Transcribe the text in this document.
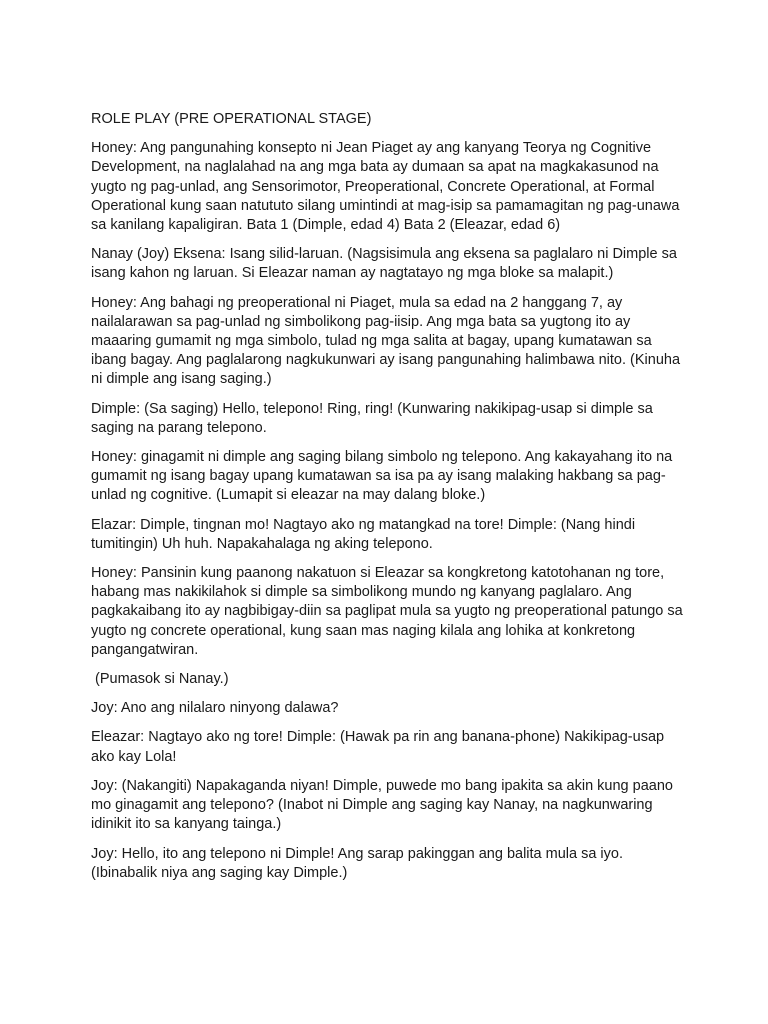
ROLE PLAY (PRE OPERATIONAL STAGE)

Honey: Ang pangunahing konsepto ni Jean Piaget ay ang kanyang Teorya ng Cognitive Development, na naglalahad na ang mga bata ay dumaan sa apat na magkakasunod na yugto ng pag-unlad, ang Sensorimotor, Preoperational, Concrete Operational, at Formal Operational kung saan natututo silang umintindi at mag-isip sa pamamagitan ng pag-unawa sa kanilang kapaligiran. Bata 1 (Dimple, edad 4) Bata 2 (Eleazar, edad 6)

Nanay (Joy) Eksena: Isang silid-laruan. (Nagsisimula ang eksena sa paglalaro ni Dimple sa isang kahon ng laruan. Si Eleazar naman ay nagtatayo ng mga bloke sa malapit.)

Honey: Ang bahagi ng preoperational ni Piaget, mula sa edad na 2 hanggang 7, ay nailalarawan sa pag-unlad ng simbolikong pag-iisip. Ang mga bata sa yugtong ito ay maaaring gumamit ng mga simbolo, tulad ng mga salita at bagay, upang kumatawan sa ibang bagay. Ang paglalarong nagkukunwari ay isang pangunahing halimbawa nito. (Kinuha ni dimple ang isang saging.)

Dimple: (Sa saging) Hello, telepono! Ring, ring! (Kunwaring nakikipag-usap si dimple sa saging na parang telepono.

Honey: ginagamit ni dimple ang saging bilang simbolo ng telepono. Ang kakayahang ito na gumamit ng isang bagay upang kumatawan sa isa pa ay isang malaking hakbang sa pag-unlad ng cognitive. (Lumapit si eleazar na may dalang bloke.)

Elazar: Dimple, tingnan mo! Nagtayo ako ng matangkad na tore! Dimple: (Nang hindi tumitingin) Uh huh. Napakahalaga ng aking telepono.

Honey: Pansinin kung paanong nakatuon si Eleazar sa kongkretong katotohanan ng tore, habang mas nakikilahok si dimple sa simbolikong mundo ng kanyang paglalaro. Ang pagkakaibang ito ay nagbibigay-diin sa paglipat mula sa yugto ng preoperational patungo sa yugto ng concrete operational, kung saan mas naging kilala ang lohika at konkretong pangangatwiran.

(Pumasok si Nanay.)

Joy: Ano ang nilalaro ninyong dalawa?

Eleazar: Nagtayo ako ng tore! Dimple: (Hawak pa rin ang banana-phone) Nakikipag-usap ako kay Lola!

Joy: (Nakangiti) Napakaganda niyan! Dimple, puwede mo bang ipakita sa akin kung paano mo ginagamit ang telepono? (Inabot ni Dimple ang saging kay Nanay, na nagkunwaring idinikit ito sa kanyang tainga.)

Joy: Hello, ito ang telepono ni Dimple! Ang sarap pakinggan ang balita mula sa iyo. (Ibinabalik niya ang saging kay Dimple.)
